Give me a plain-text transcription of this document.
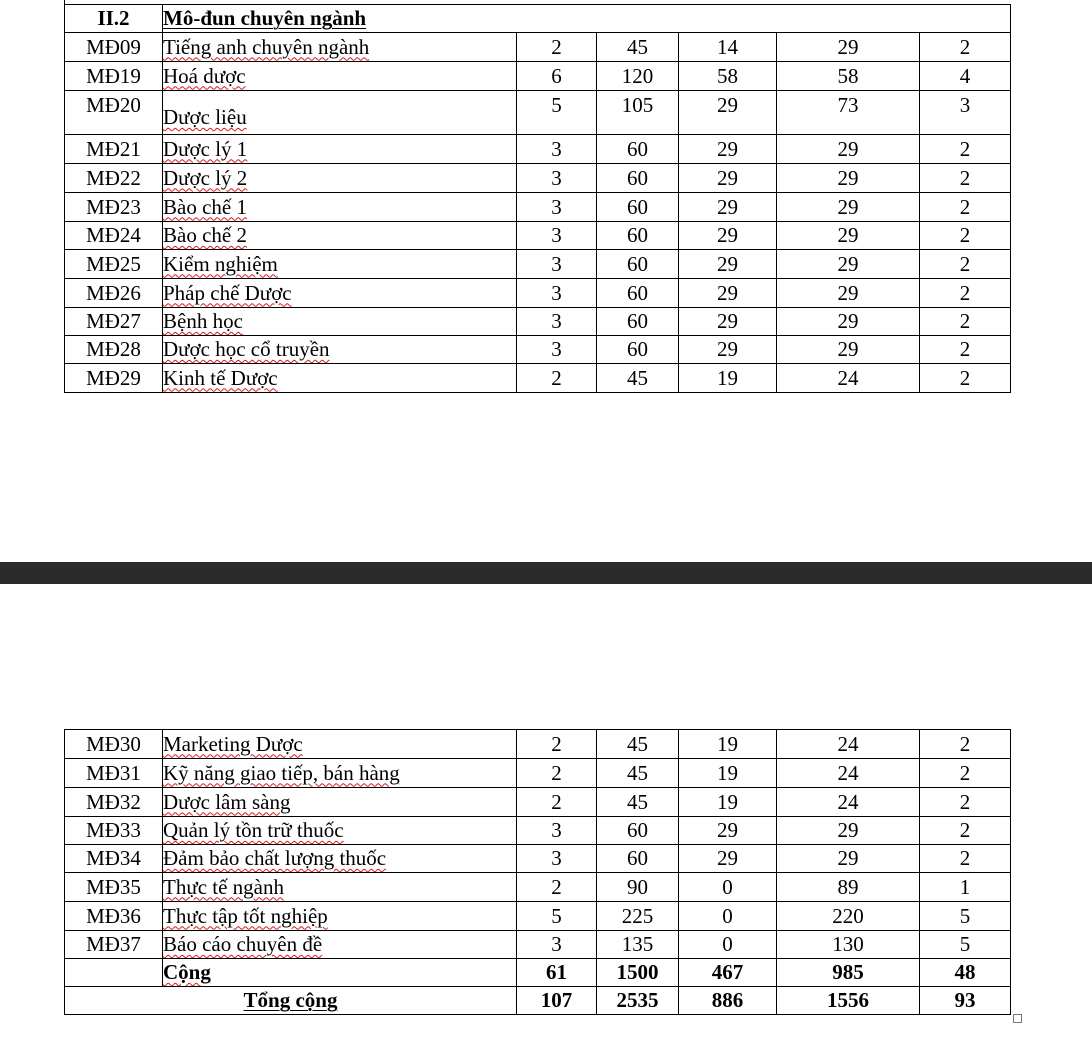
II.2	Mô-đun chuyên ngành					
MĐ09	Tiếng anh chuyên ngành	2	45	14	29	2
MĐ19	Hoá dược	6	120	58	58	4
MĐ20	Dược liệu	5	105	29	73	3
MĐ21	Dược lý 1	3	60	29	29	2
MĐ22	Dược lý 2	3	60	29	29	2
MĐ23	Bào chế 1	3	60	29	29	2
MĐ24	Bào chế 2	3	60	29	29	2
MĐ25	Kiểm nghiệm	3	60	29	29	2
MĐ26	Pháp chế Dược	3	60	29	29	2
MĐ27	Bệnh học	3	60	29	29	2
MĐ28	Dược học cổ truyền	3	60	29	29	2
MĐ29	Kinh tế Dược	2	45	19	24	2
MĐ30	Marketing Dược	2	45	19	24	2
MĐ31	Kỹ năng giao tiếp, bán hàng	2	45	19	24	2
MĐ32	Dược lâm sàng	2	45	19	24	2
MĐ33	Quản lý tồn trữ thuốc	3	60	29	29	2
MĐ34	Đảm bảo chất lượng thuốc	3	60	29	29	2
MĐ35	Thực tế ngành	2	90	0	89	1
MĐ36	Thực tập tốt nghiệp	5	225	0	220	5
MĐ37	Báo cáo chuyên đề	3	135	0	130	5
	Cộng	61	1500	467	985	48
Tổng cộng		107	2535	886	1556	93
